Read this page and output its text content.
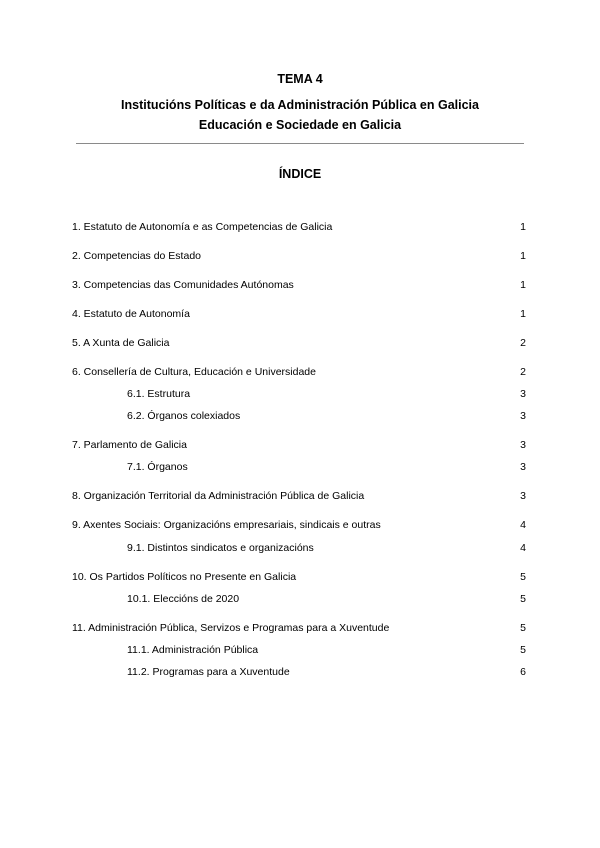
TEMA 4
Institucións Políticas e da Administración Pública en Galicia
Educación e Sociedade en Galicia
ÍNDICE
1. Estatuto de Autonomía e as Competencias de Galicia	1
2. Competencias do Estado	1
3. Competencias das Comunidades Autónomas	1
4. Estatuto de Autonomía	1
5. A Xunta de Galicia	2
6. Consellería de Cultura, Educación e Universidade	2
6.1. Estrutura	3
6.2. Órganos colexiados	3
7. Parlamento de Galicia	3
7.1. Órganos	3
8. Organización Territorial da Administración Pública de Galicia	3
9. Axentes Sociais: Organizacións empresariais, sindicais e outras	4
9.1. Distintos sindicatos e organizacións	4
10. Os Partidos Políticos no Presente en Galicia	5
10.1. Eleccións de 2020	5
11. Administración Pública, Servizos e Programas para a Xuventude	5
11.1. Administración Pública	5
11.2. Programas para a Xuventude	6
